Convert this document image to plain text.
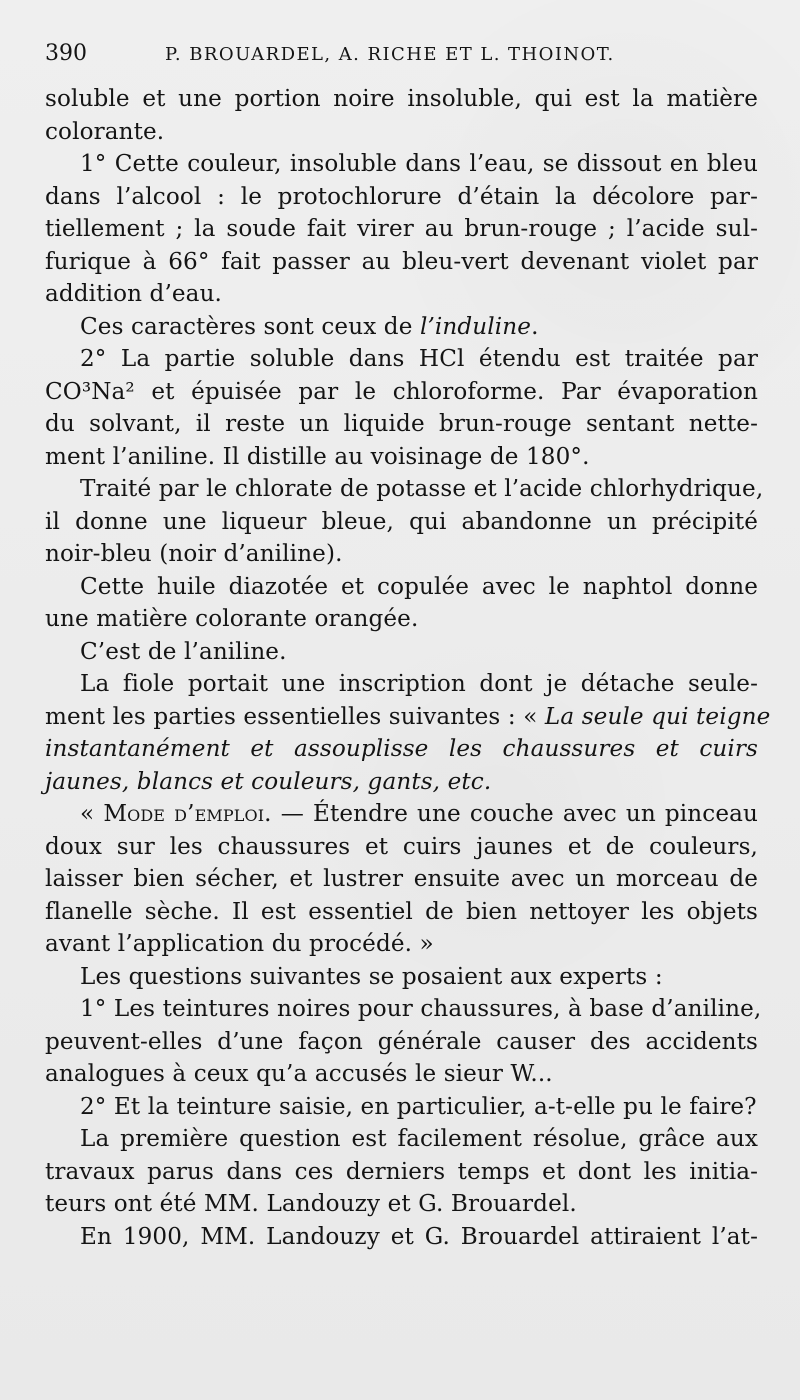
390	P. BROUARDEL, A. RICHE ET L. THOINOT.
soluble et une portion noire insoluble, qui est la matière
colorante.
1° Cette couleur, insoluble dans l’eau, se dissout en bleu
dans l’alcool : le protochlorure d’étain la décolore par-
tiellement ; la soude fait virer au brun-rouge ; l’acide sul-
furique à 66° fait passer au bleu-vert devenant violet par
addition d’eau.
Ces caractères sont ceux de l’induline.
2° La partie soluble dans HCl étendu est traitée par
CO³Na² et épuisée par le chloroforme. Par évaporation
du solvant, il reste un liquide brun-rouge sentant nette-
ment l’aniline. Il distille au voisinage de 180°.
Traité par le chlorate de potasse et l’acide chlorhydrique,
il donne une liqueur bleue, qui abandonne un précipité
noir-bleu (noir d’aniline).
Cette huile diazotée et copulée avec le naphtol donne
une matière colorante orangée.
C’est de l’aniline.
La fiole portait une inscription dont je détache seule-
ment les parties essentielles suivantes : « La seule qui teigne
instantanément et assouplisse les chaussures et cuirs
jaunes, blancs et couleurs, gants, etc.
« Mode d’emploi. — Étendre une couche avec un pinceau
doux sur les chaussures et cuirs jaunes et de couleurs,
laisser bien sécher, et lustrer ensuite avec un morceau de
flanelle sèche. Il est essentiel de bien nettoyer les objets
avant l’application du procédé. »
Les questions suivantes se posaient aux experts :
1° Les teintures noires pour chaussures, à base d’aniline,
peuvent-elles d’une façon générale causer des accidents
analogues à ceux qu’a accusés le sieur W...
2° Et la teinture saisie, en particulier, a-t-elle pu le faire?
La première question est facilement résolue, grâce aux
travaux parus dans ces derniers temps et dont les initia-
teurs ont été MM. Landouzy et G. Brouardel.
En 1900, MM. Landouzy et G. Brouardel attiraient l’at-
